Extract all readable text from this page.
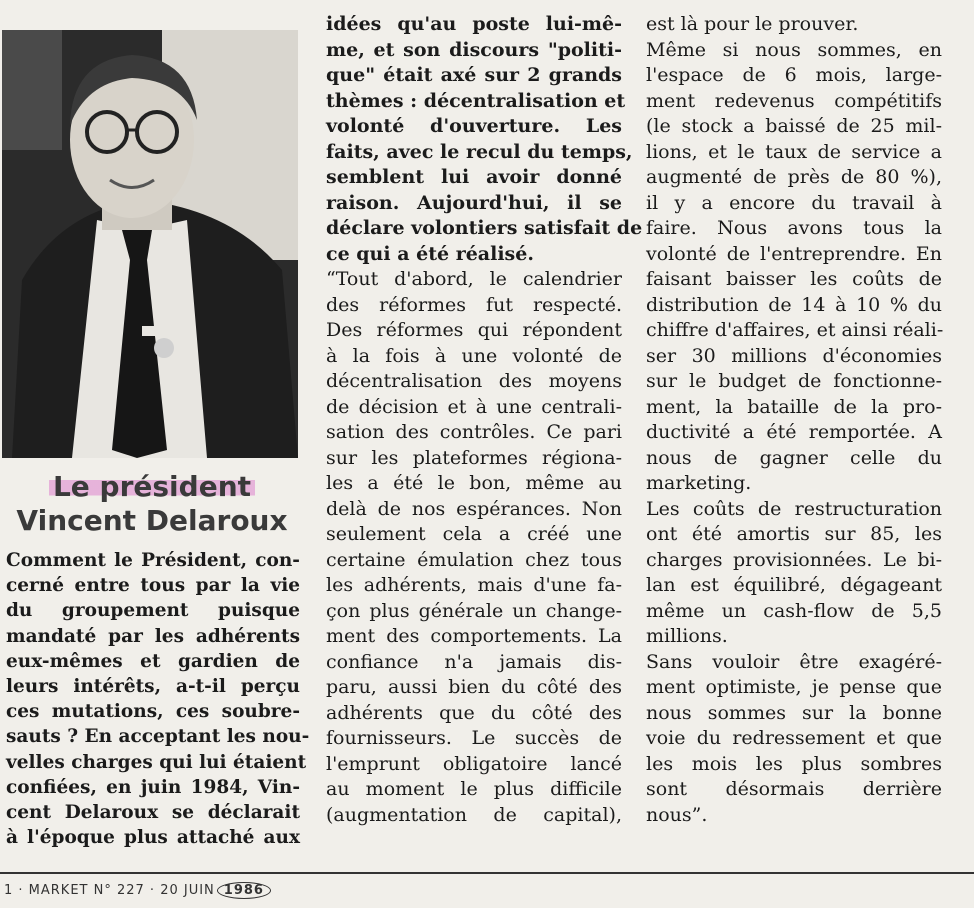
Le président
Vincent Delaroux
Comment le Président, con-
cerné entre tous par la vie
du groupement puisque
mandaté par les adhérents
eux-mêmes et gardien de
leurs intérêts, a-t-il perçu
ces mutations, ces soubre-
sauts ? En acceptant les nou-
velles charges qui lui étaient
confiées, en juin 1984, Vin-
cent Delaroux se déclarait
à l'époque plus attaché aux
idées qu'au poste lui-mê-
me, et son discours "politi-
que" était axé sur 2 grands
thèmes : décentralisation et
volonté d'ouverture. Les
faits, avec le recul du temps,
semblent lui avoir donné
raison. Aujourd'hui, il se
déclare volontiers satisfait de
ce qui a été réalisé.
“Tout d'abord, le calendrier
des réformes fut respecté.
Des réformes qui répondent
à la fois à une volonté de
décentralisation des moyens
de décision et à une centrali-
sation des contrôles. Ce pari
sur les plateformes régiona-
les a été le bon, même au
delà de nos espérances. Non
seulement cela a créé une
certaine émulation chez tous
les adhérents, mais d'une fa-
çon plus générale un change-
ment des comportements. La
confiance n'a jamais dis-
paru, aussi bien du côté des
adhérents que du côté des
fournisseurs. Le succès de
l'emprunt obligatoire lancé
au moment le plus difficile
(augmentation de capital),
est là pour le prouver.
Même si nous sommes, en
l'espace de 6 mois, large-
ment redevenus compétitifs
(le stock a baissé de 25 mil-
lions, et le taux de service a
augmenté de près de 80 %),
il y a encore du travail à
faire. Nous avons tous la
volonté de l'entreprendre. En
faisant baisser les coûts de
distribution de 14 à 10 % du
chiffre d'affaires, et ainsi réali-
ser 30 millions d'économies
sur le budget de fonctionne-
ment, la bataille de la pro-
ductivité a été remportée. A
nous de gagner celle du
marketing.
Les coûts de restructuration
ont été amortis sur 85, les
charges provisionnées. Le bi-
lan est équilibré, dégageant
même un cash-flow de 5,5
millions.
Sans vouloir être exagéré-
ment optimiste, je pense que
nous sommes sur la bonne
voie du redressement et que
les mois les plus sombres
sont désormais derrière
nous”.
1 · MARKET N° 227 · 20 JUIN 1986
